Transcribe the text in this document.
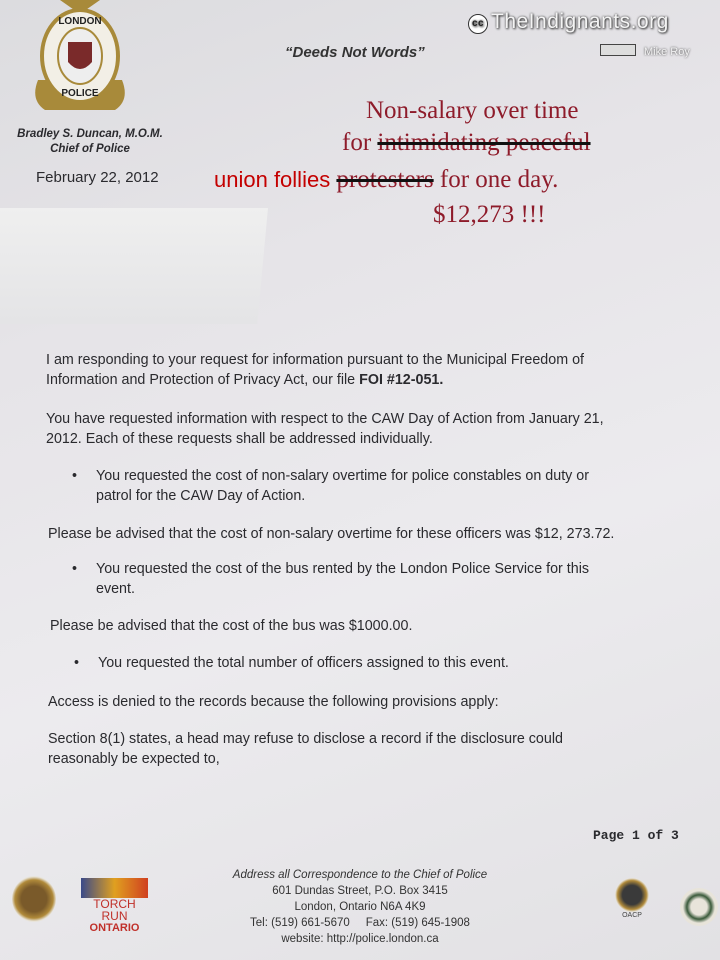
LONDON
POLICE
“Deeds Not Words”
Bradley S. Duncan, M.O.M.
Chief of Police
February 22, 2012
cc TheIndignants.org
Mike Roy
Non-salary over time
for intimidating peaceful
union follies protesters for one day.
$12,273 !!!
I am responding to your request for information pursuant to the Municipal Freedom of
Information and Protection of Privacy Act, our file FOI #12-051.
You have requested information with respect to the CAW Day of Action from January 21,
2012. Each of these requests shall be addressed individually.
• You requested the cost of non-salary overtime for police constables on duty or
patrol for the CAW Day of Action.
Please be advised that the cost of non-salary overtime for these officers was $12, 273.72.
• You requested the cost of the bus rented by the London Police Service for this
event.
Please be advised that the cost of the bus was $1000.00.
• You requested the total number of officers assigned to this event.
Access is denied to the records because the following provisions apply:
Section 8(1) states, a head may refuse to disclose a record if the disclosure could
reasonably be expected to,
Page 1 of 3
Address all Correspondence to the Chief of Police
601 Dundas Street, P.O. Box 3415
London, Ontario N6A 4K9
Tel: (519) 661-5670     Fax: (519) 645-1908
website: http://police.london.ca
TORCH RUN
ONTARIO
OACP
